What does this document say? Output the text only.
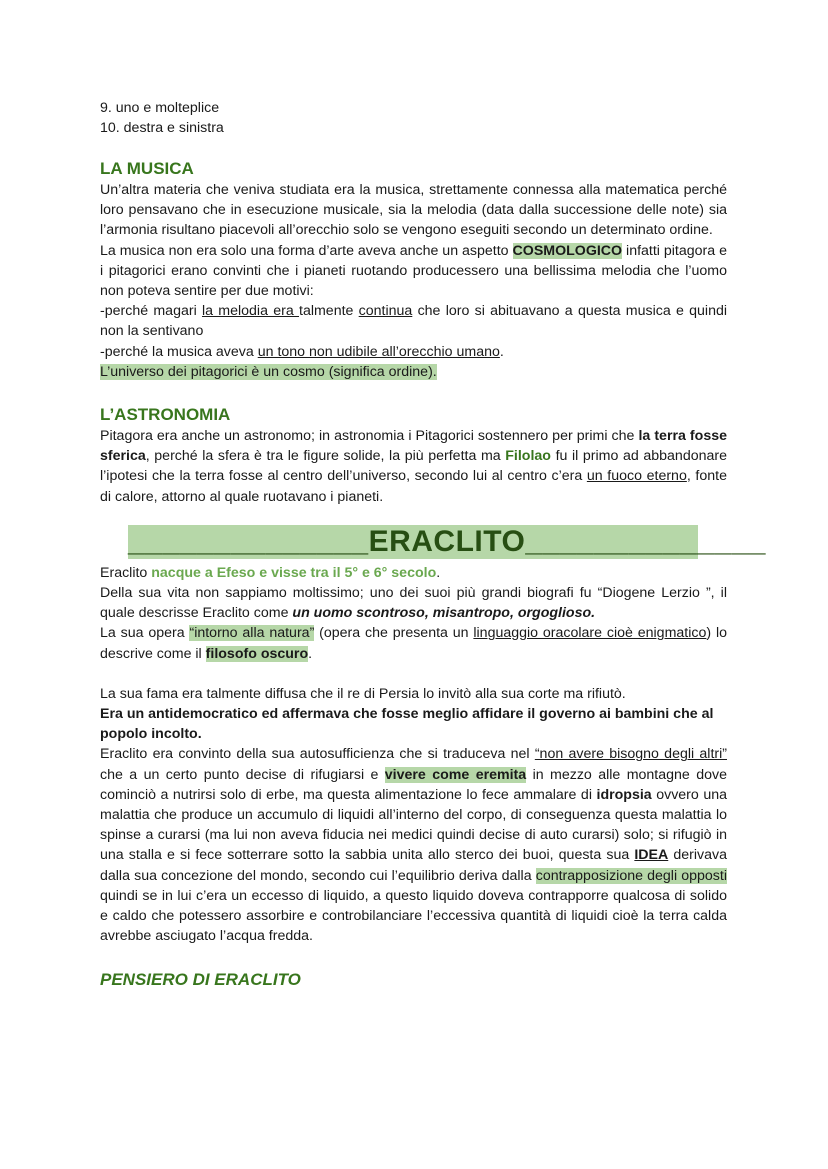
9. uno e molteplice

10. destra e sinistra

LA MUSICA

Un’altra materia che veniva studiata era la musica, strettamente connessa alla matematica perché loro pensavano che in esecuzione musicale, sia la melodia (data dalla successione delle note) sia l’armonia risultano piacevoli all’orecchio solo se vengono eseguiti secondo un determinato ordine.

La musica non era solo una forma d’arte aveva anche un aspetto COSMOLOGICO infatti pitagora e i pitagorici erano convinti che i pianeti ruotando producessero una bellissima melodia che l’uomo non poteva sentire per due motivi:

-perché magari la melodia era talmente continua che loro si abituavano a questa musica e quindi non la sentivano

-perché la musica aveva un tono non udibile all’orecchio umano.

L’universo dei pitagorici è un cosmo (significa ordine).

L’ASTRONOMIA

Pitagora era anche un astronomo; in astronomia i Pitagorici sostennero per primi che la terra fosse sferica, perché la sfera è tra le figure solide, la più perfetta ma Filolao fu il primo ad abbandonare l’ipotesi che la terra fosse al centro dell’universo, secondo lui al centro c’era un fuoco eterno, fonte di calore, attorno al quale ruotavano i pianeti.

______________ERACLITO______________

Eraclito nacque a Efeso e visse tra il 5° e 6° secolo.

Della sua vita non sappiamo moltissimo; uno dei suoi più grandi biografi fu “Diogene Lerzio ”, il quale descrisse Eraclito come un uomo scontroso, misantropo, orgoglioso.

La sua opera “intorno alla natura” (opera che presenta un linguaggio oracolare cioè enigmatico) lo descrive come il filosofo oscuro.

La sua fama era talmente diffusa che il re di Persia lo invitò alla sua corte ma rifiutò.

Era un antidemocratico ed affermava che fosse meglio affidare il governo ai bambini che al popolo incolto.

Eraclito era convinto della sua autosufficienza che si traduceva nel “non avere bisogno degli altri” che a un certo punto decise di rifugiarsi e vivere come eremita in mezzo alle montagne dove cominciò a nutrirsi solo di erbe, ma questa alimentazione lo fece ammalare di idropsia ovvero una malattia che produce un accumulo di liquidi all’interno del corpo, di conseguenza questa malattia lo spinse a curarsi (ma lui non aveva fiducia nei medici quindi decise di auto curarsi) solo; si rifugiò in una stalla e si fece sotterrare sotto la sabbia unita allo sterco dei buoi, questa sua IDEA derivava dalla sua concezione del mondo, secondo cui l’equilibrio deriva dalla contrapposizione degli opposti quindi se in lui c’era un eccesso di liquido, a questo liquido doveva contrapporre qualcosa di solido e caldo che potessero assorbire e controbilanciare l’eccessiva quantità di liquidi cioè la terra calda avrebbe asciugato l’acqua fredda.

PENSIERO DI ERACLITO
